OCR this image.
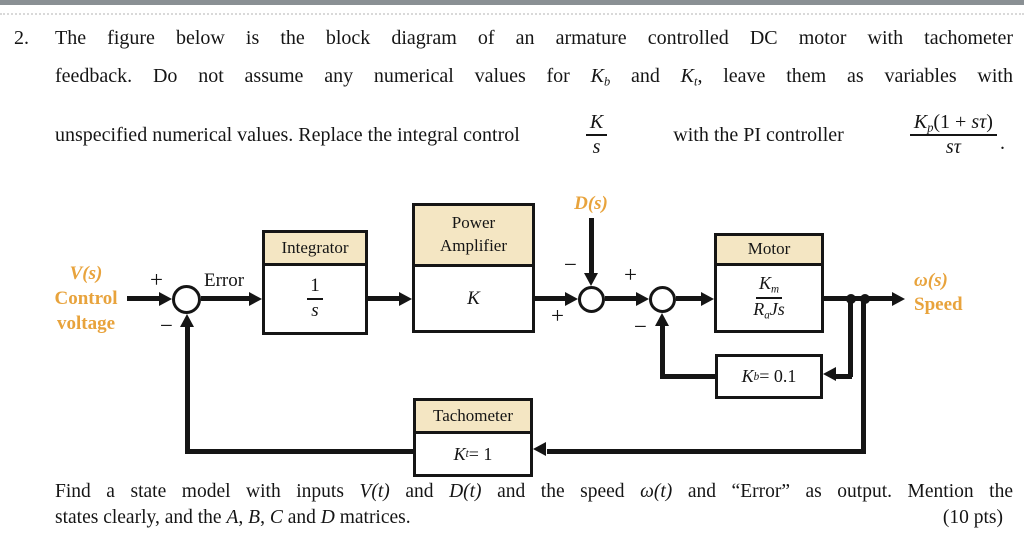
2. The figure below is the block diagram of an armature controlled DC motor with tachometer
feedback. Do not assume any numerical values for $K_b$ and $K_t$, leave them as variables with
unspecified numerical values. Replace the integral control	$\frac{K}{s}$	with the PI controller	$\frac{K_p(1 + s\tau)}{s\tau}$ .
V(s)
Control
voltage
D(s)
ω(s)
Speed
Error
+
−
−
+
+
−
Integrator
$\frac{1}{s}$
Power
Amplifier
K
Motor
$K_m$
$R_aJs$
K b = 0.1
Tachometer
K t = 1
Find a state model with inputs V(t) and D(t) and the speed ω(t) and “Error” as output. Mention the
states clearly, and the A, B, C and D matrices.	(10 pts)
